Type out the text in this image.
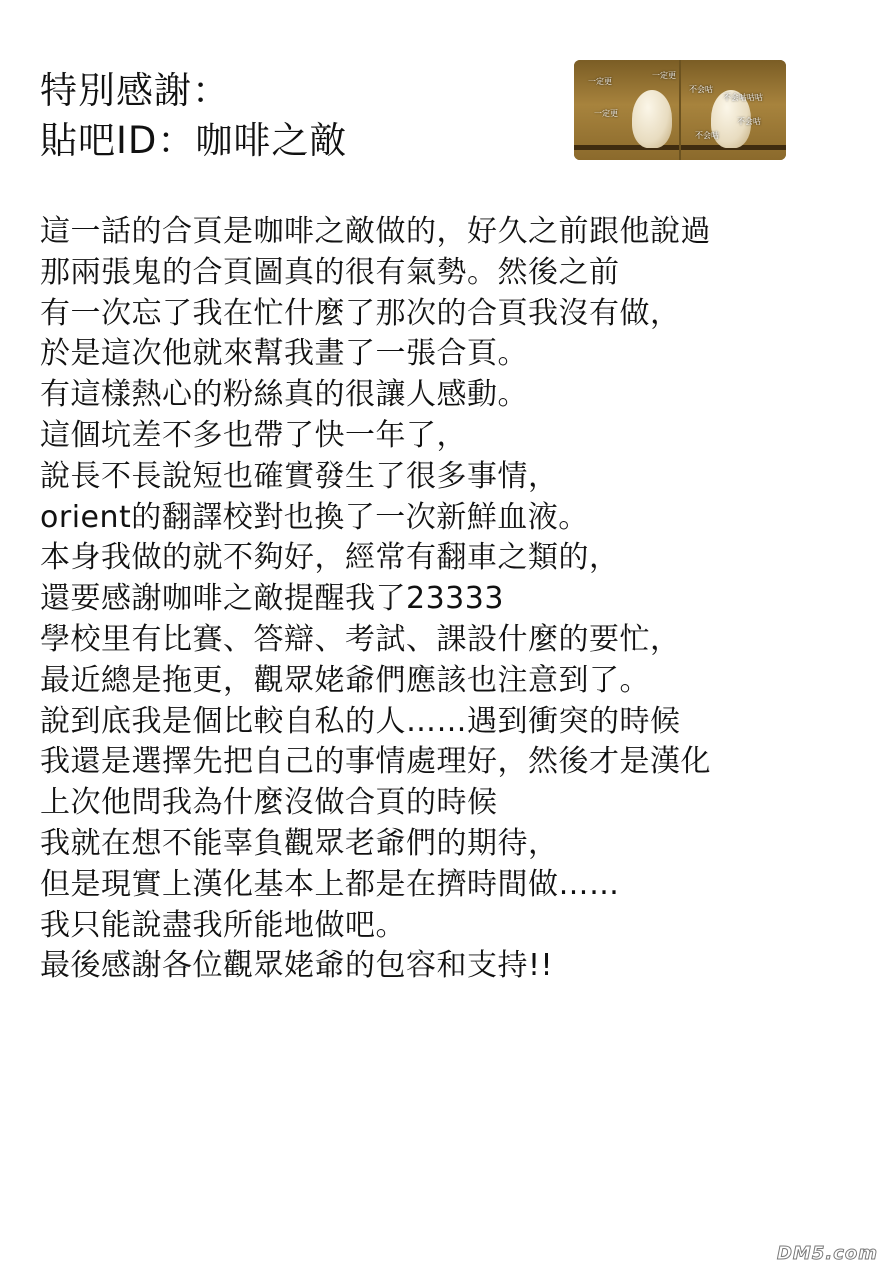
特別感謝：
貼吧ID：咖啡之敵
一定更
一定更
一定更
不会咕
不会咕咕咕
不会咕
不会咕
這一話的合頁是咖啡之敵做的，好久之前跟他說過
那兩張鬼的合頁圖真的很有氣勢。然後之前
有一次忘了我在忙什麼了那次的合頁我沒有做，
於是這次他就來幫我畫了一張合頁。
有這樣熱心的粉絲真的很讓人感動。
這個坑差不多也帶了快一年了，
說長不長說短也確實發生了很多事情，
orient的翻譯校對也換了一次新鮮血液。
本身我做的就不夠好，經常有翻車之類的，
還要感謝咖啡之敵提醒我了23333
學校里有比賽、答辯、考試、課設什麼的要忙，
最近總是拖更，觀眾姥爺們應該也注意到了。
說到底我是個比較自私的人……遇到衝突的時候
我還是選擇先把自己的事情處理好，然後才是漢化
上次他問我為什麼沒做合頁的時候
我就在想不能辜負觀眾老爺們的期待，
但是現實上漢化基本上都是在擠時間做……
我只能說盡我所能地做吧。
最後感謝各位觀眾姥爺的包容和支持!!
DM5.com
